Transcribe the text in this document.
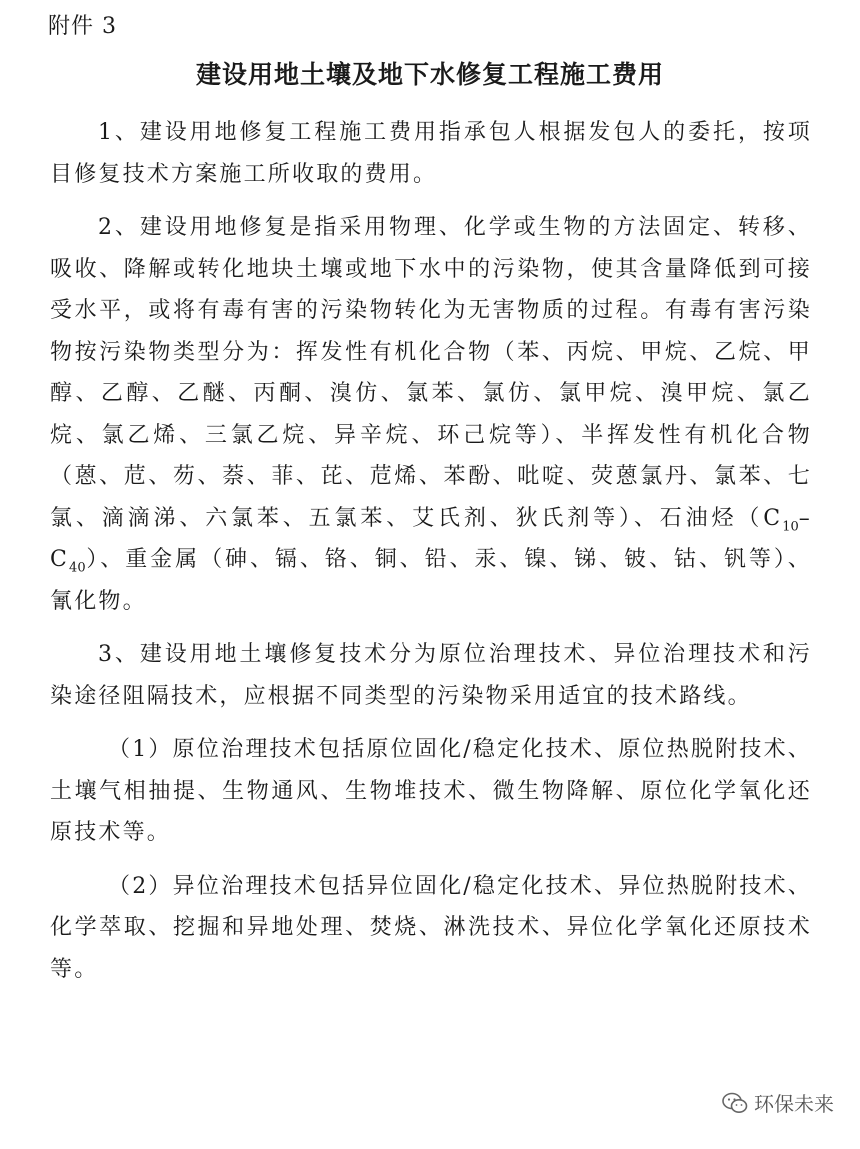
附件 3
建设用地土壤及地下水修复工程施工费用

1、建设用地修复工程施工费用指承包人根据发包人的委托，按项目修复技术方案施工所收取的费用。

2、建设用地修复是指采用物理、化学或生物的方法固定、转移、吸收、降解或转化地块土壤或地下水中的污染物，使其含量降低到可接受水平，或将有毒有害的污染物转化为无害物质的过程。有毒有害污染物按污染物类型分为：挥发性有机化合物（苯、丙烷、甲烷、乙烷、甲醇、乙醇、乙醚、丙酮、溴仿、氯苯、氯仿、氯甲烷、溴甲烷、氯乙烷、氯乙烯、三氯乙烷、异辛烷、环己烷等）、半挥发性有机化合物（蒽、苊、芴、萘、菲、芘、苊烯、苯酚、吡啶、荧蒽氯丹、氯苯、七氯、滴滴涕、六氯苯、五氯苯、艾氏剂、狄氏剂等）、石油烃$(C_{10}-C_{40})$、重金属（砷、镉、铬、铜、铅、汞、镍、锑、铍、钴、钒等）、氰化物。

3、建设用地土壤修复技术分为原位治理技术、异位治理技术和污染途径阻隔技术，应根据不同类型的污染物采用适宜的技术路线。

（1）原位治理技术包括原位固化/稳定化技术、原位热脱附技术、土壤气相抽提、生物通风、生物堆技术、微生物降解、原位化学氧化还原技术等。

（2）异位治理技术包括异位固化/稳定化技术、异位热脱附技术、化学萃取、挖掘和异地处理、焚烧、淋洗技术、异位化学氧化还原技术等。

环保未来
